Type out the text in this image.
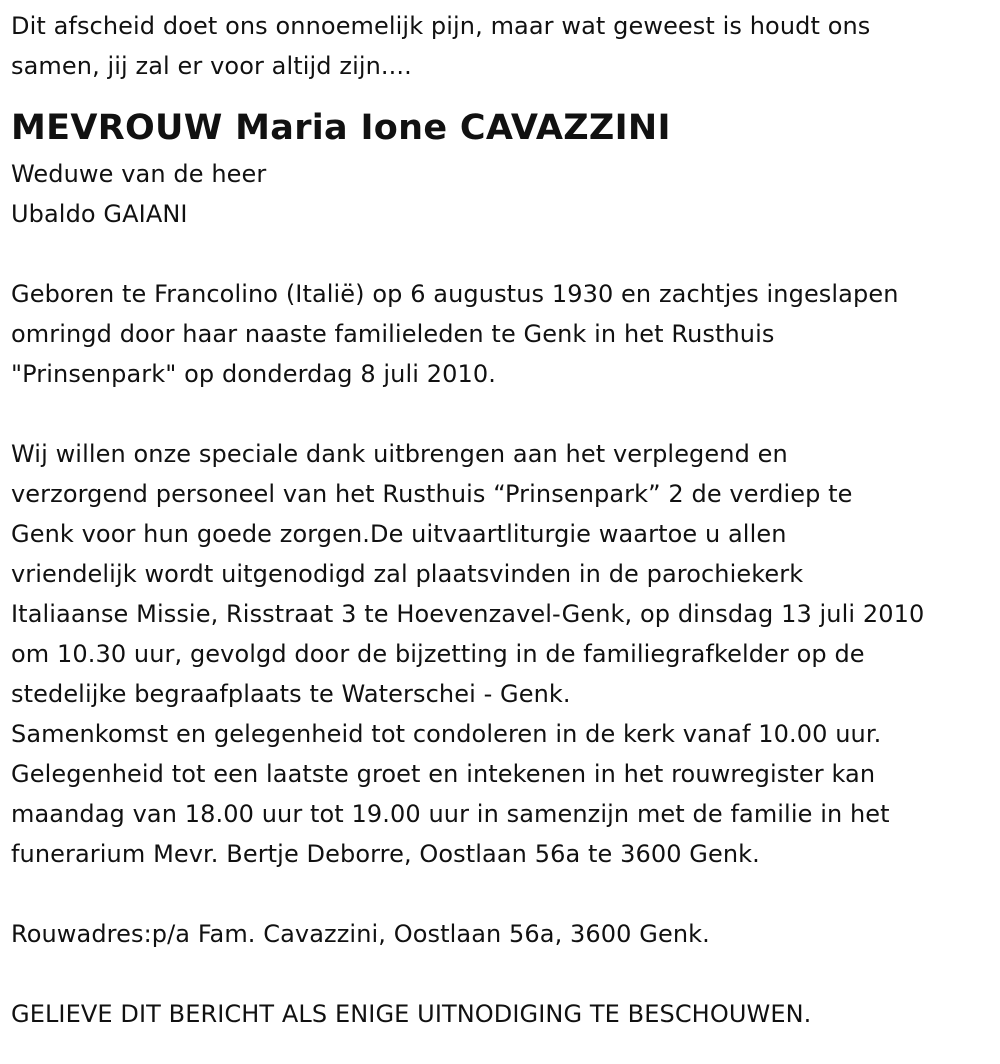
Dit afscheid doet ons onnoemelijk pijn, maar wat geweest is houdt ons
samen, jij zal er voor altijd zijn....
MEVROUW Maria Ione CAVAZZINI
Weduwe van de heer
Ubaldo GAIANI
Geboren te Francolino (Italië) op 6 augustus 1930 en zachtjes ingeslapen
omringd door haar naaste familieleden te Genk in het Rusthuis
"Prinsenpark" op donderdag 8 juli 2010.
Wij willen onze speciale dank uitbrengen aan het verplegend en
verzorgend personeel van het Rusthuis “Prinsenpark” 2 de verdiep te
Genk voor hun goede zorgen.De uitvaartliturgie waartoe u allen
vriendelijk wordt uitgenodigd zal plaatsvinden in de parochiekerk
Italiaanse Missie, Risstraat 3 te Hoevenzavel-Genk, op dinsdag 13 juli 2010
om 10.30 uur, gevolgd door de bijzetting in de familiegrafkelder op de
stedelijke begraafplaats te Waterschei - Genk.
Samenkomst en gelegenheid tot condoleren in de kerk vanaf 10.00 uur.
Gelegenheid tot een laatste groet en intekenen in het rouwregister kan
maandag van 18.00 uur tot 19.00 uur in samenzijn met de familie in het
funerarium Mevr. Bertje Deborre, Oostlaan 56a te 3600 Genk.
Rouwadres:p/a Fam. Cavazzini, Oostlaan 56a, 3600 Genk.
GELIEVE DIT BERICHT ALS ENIGE UITNODIGING TE BESCHOUWEN.
